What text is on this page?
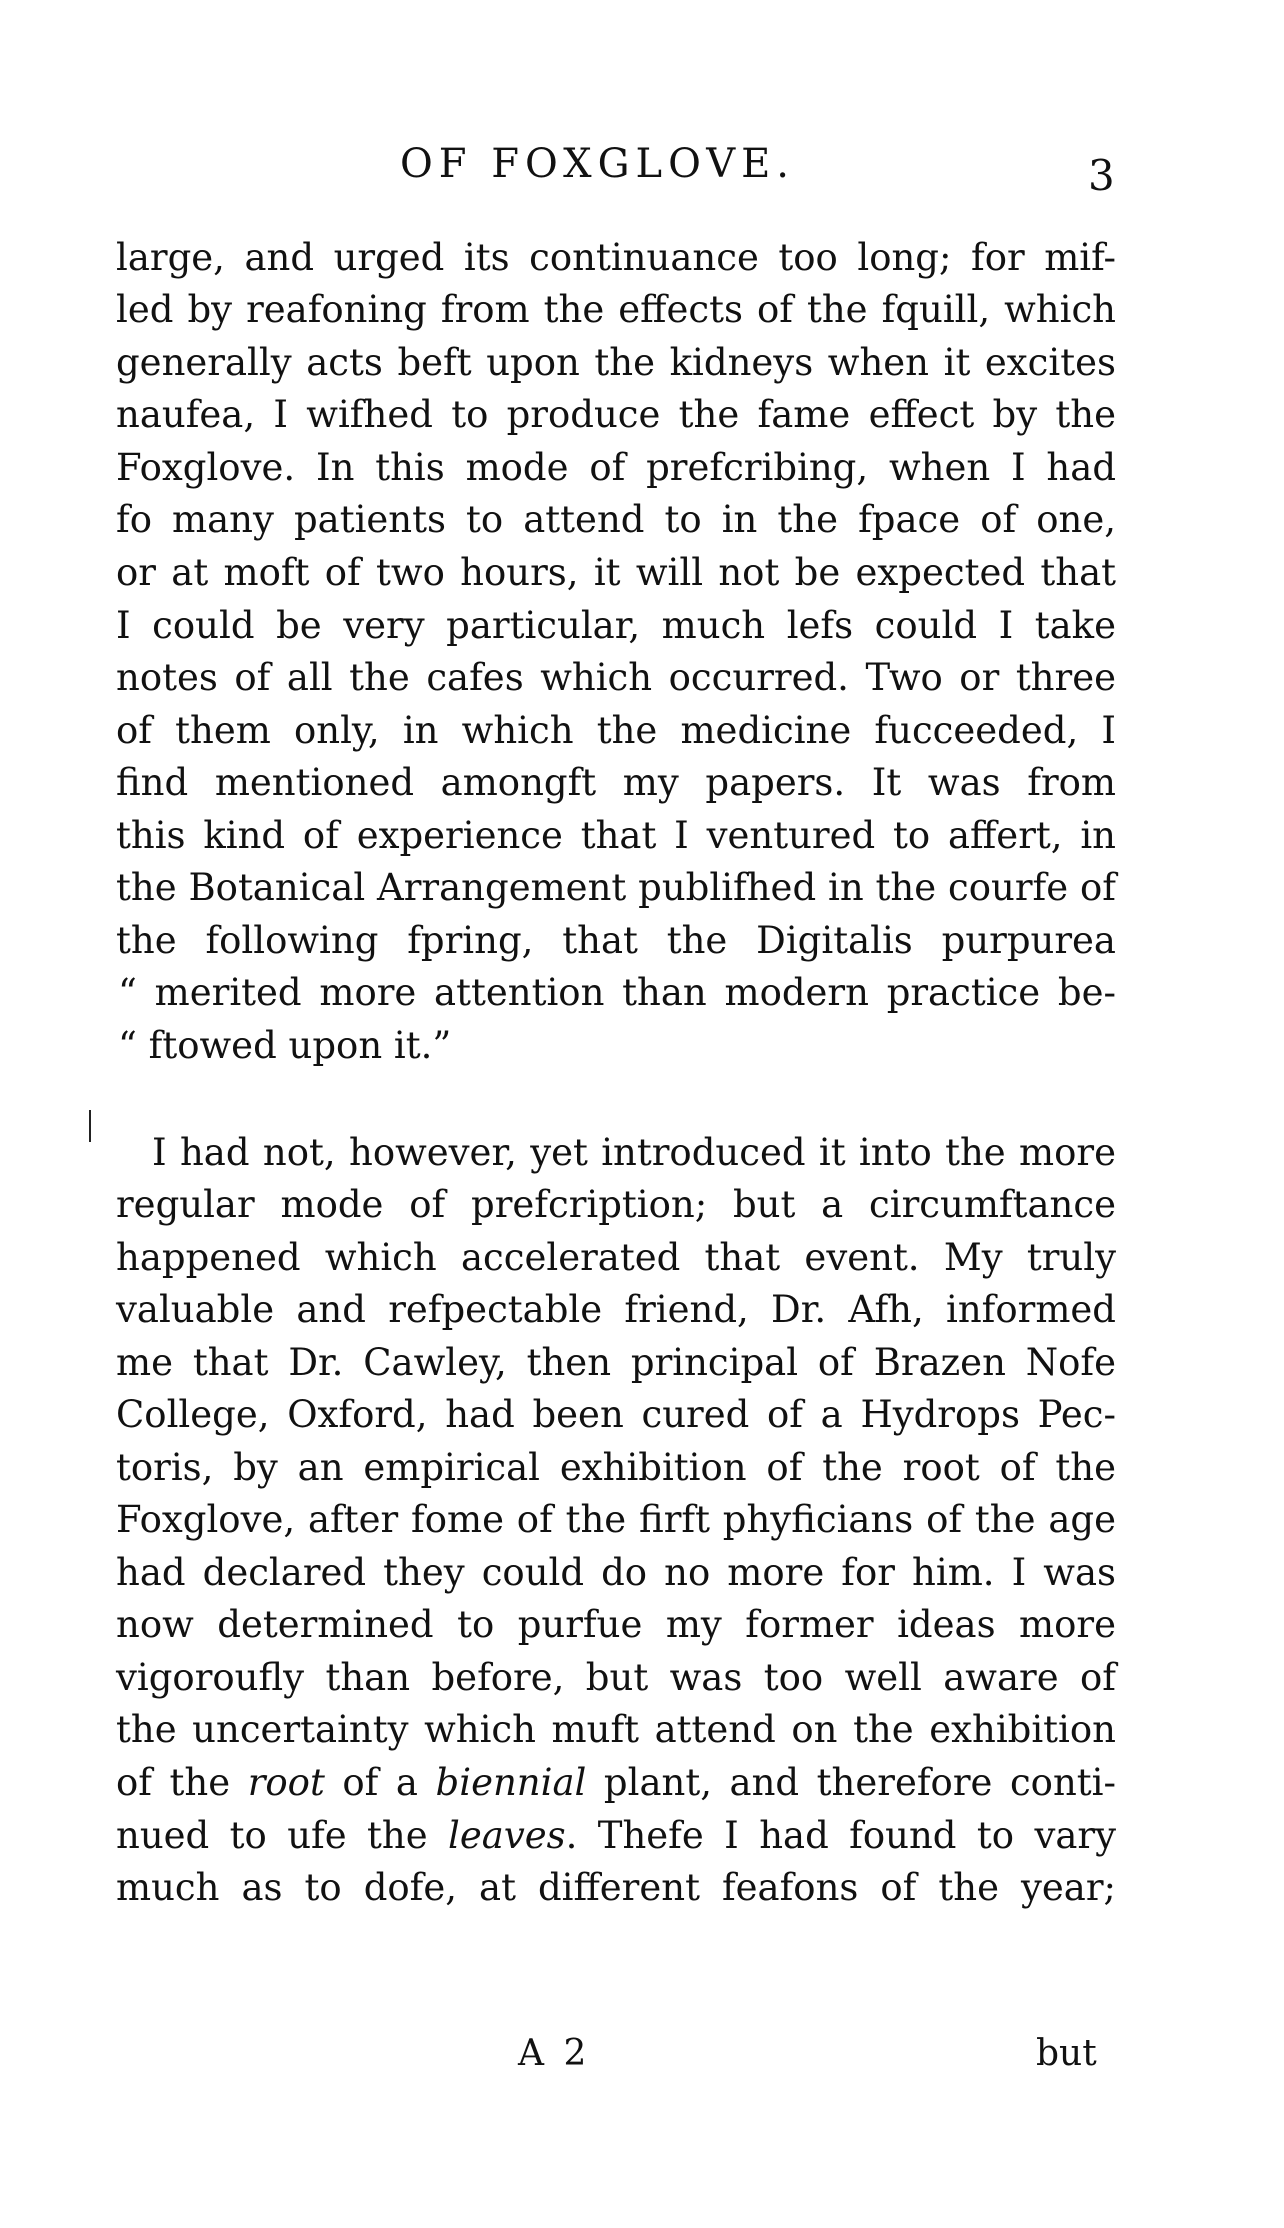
OF FOXGLOVE.	3
large, and urged its continuance too long; for mif-
led by reafoning from the effects of the fquill, which
generally acts beft upon the kidneys when it excites
naufea, I wifhed to produce the fame effect by the
Foxglove. In this mode of prefcribing, when I had
fo many patients to attend to in the fpace of one,
or at moft of two hours, it will not be expected that
I could be very particular, much lefs could I take
notes of all the cafes which occurred. Two or three
of them only, in which the medicine fucceeded, I
find mentioned amongft my papers. It was from
this kind of experience that I ventured to affert, in
the Botanical Arrangement publifhed in the courfe of
the following fpring, that the Digitalis purpurea
“ merited more attention than modern practice be-
“ ftowed upon it.”
I had not, however, yet introduced it into the more
regular mode of prefcription; but a circumftance
happened which accelerated that event. My truly
valuable and refpectable friend, Dr. Afh, informed
me that Dr. Cawley, then principal of Brazen Nofe
College, Oxford, had been cured of a Hydrops Pec-
toris, by an empirical exhibition of the root of the
Foxglove, after fome of the firft phyficians of the age
had declared they could do no more for him. I was
now determined to purfue my former ideas more
vigoroufly than before, but was too well aware of
the uncertainty which muft attend on the exhibition
of the root of a biennial plant, and therefore conti-
nued to ufe the leaves. Thefe I had found to vary
much as to dofe, at different feafons of the year;
A 2	but
